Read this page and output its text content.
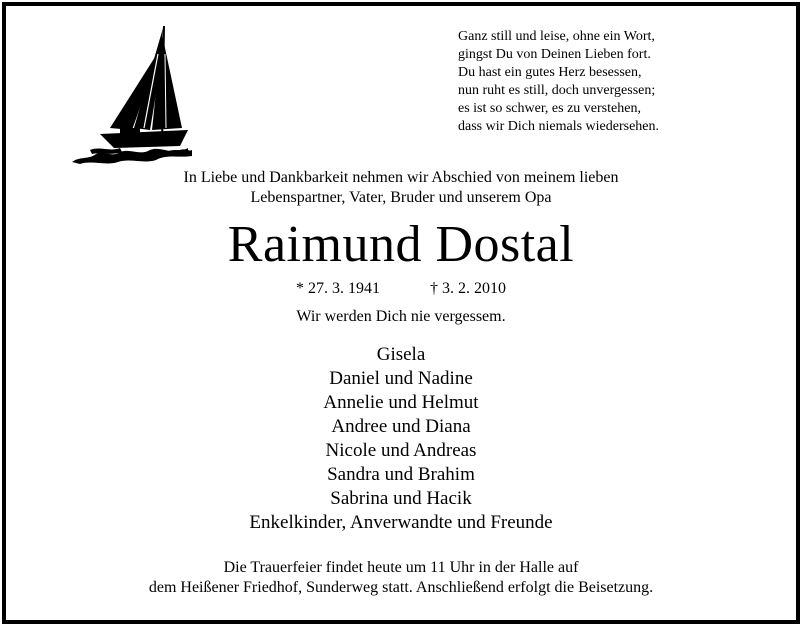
Ganz still und leise, ohne ein Wort,
gingst Du von Deinen Lieben fort.
Du hast ein gutes Herz besessen,
nun ruht es still, doch unvergessen;
es ist so schwer, es zu verstehen,
dass wir Dich niemals wiedersehen.
In Liebe und Dankbarkeit nehmen wir Abschied von meinem lieben
Lebenspartner, Vater, Bruder und unserem Opa
Raimund Dostal
* 27. 3. 1941	† 3. 2. 2010
Wir werden Dich nie vergessem.
Gisela
Daniel und Nadine
Annelie und Helmut
Andree und Diana
Nicole und Andreas
Sandra und Brahim
Sabrina und Hacik
Enkelkinder, Anverwandte und Freunde
Die Trauerfeier findet heute um 11 Uhr in der Halle auf
dem Heißener Friedhof, Sunderweg statt. Anschließend erfolgt die Beisetzung.
